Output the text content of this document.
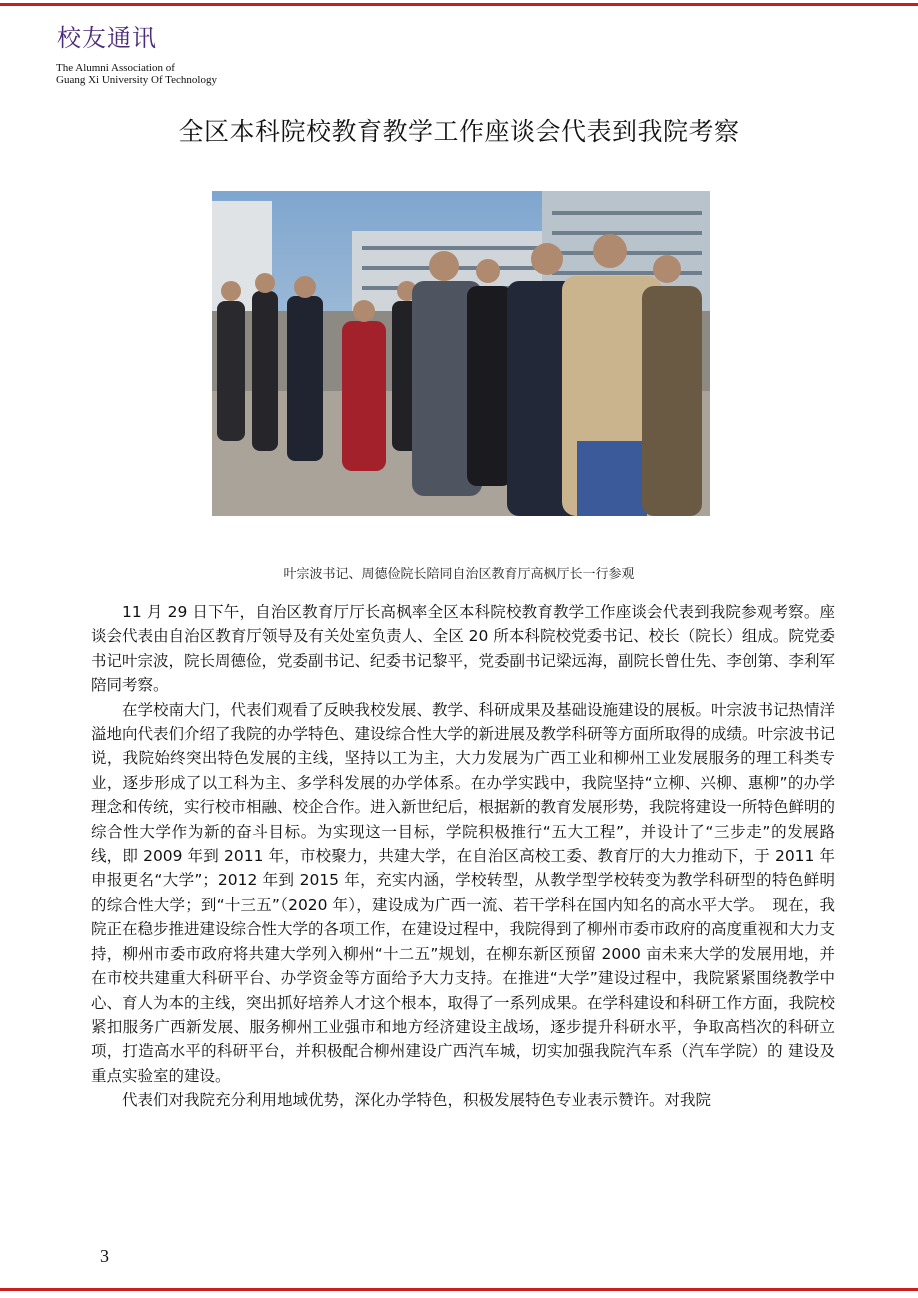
校友通讯
The Alumni Association of
Guang Xi University Of Technology
全区本科院校教育教学工作座谈会代表到我院考察
叶宗波书记、周德俭院长陪同自治区教育厅高枫厅长一行参观

11 月 29 日下午，自治区教育厅厅长高枫率全区本科院校教育教学工作座谈会代表到我院参观考察。座谈会代表由自治区教育厅领导及有关处室负责人、全区 20 所本科院校党委书记、校长（院长）组成。院党委书记叶宗波，院长周德俭，党委副书记、纪委书记黎平，党委副书记梁远海，副院长曾仕先、李创第、李利军陪同考察。

在学校南大门，代表们观看了反映我校发展、教学、科研成果及基础设施建设的展板。叶宗波书记热情洋溢地向代表们介绍了我院的办学特色、建设综合性大学的新进展及教学科研等方面所取得的成绩。叶宗波书记说，我院始终突出特色发展的主线，坚持以工为主，大力发展为广西工业和柳州工业发展服务的理工科类专业，逐步形成了以工科为主、多学科发展的办学体系。在办学实践中，我院坚持“立柳、兴柳、惠柳”的办学理念和传统，实行校市相融、校企合作。进入新世纪后，根据新的教育发展形势，我院将建设一所特色鲜明的综合性大学作为新的奋斗目标。为实现这一目标，学院积极推行“五大工程”，并设计了“三步走”的发展路线，即 2009 年到 2011 年，市校聚力，共建大学，在自治区高校工委、教育厅的大力推动下，于 2011 年申报更名“大学”；2012 年到 2015 年，充实内涵，学校转型，从教学型学校转变为教学科研型的特色鲜明的综合性大学；到“十三五”（2020 年），建设成为广西一流、若干学科在国内知名的高水平大学。　现在，我院正在稳步推进建设综合性大学的各项工作，在建设过程中，我院得到了柳州市委市政府的高度重视和大力支持，柳州市委市政府将共建大学列入柳州“十二五”规划，在柳东新区预留 2000 亩未来大学的发展用地，并在市校共建重大科研平台、办学资金等方面给予大力支持。在推进“大学”建设过程中，我院紧紧围绕教学中心、育人为本的主线，突出抓好培养人才这个根本，取得了一系列成果。在学科建设和科研工作方面，我院校紧扣服务广西新发展、服务柳州工业强市和地方经济建设主战场，逐步提升科研水平，争取高档次的科研立项，打造高水平的科研平台，并积极配合柳州建设广西汽车城，切实加强我院汽车系（汽车学院）的 建设及重点实验室的建设。

代表们对我院充分利用地域优势，深化办学特色，积极发展特色专业表示赞许。对我院

3
